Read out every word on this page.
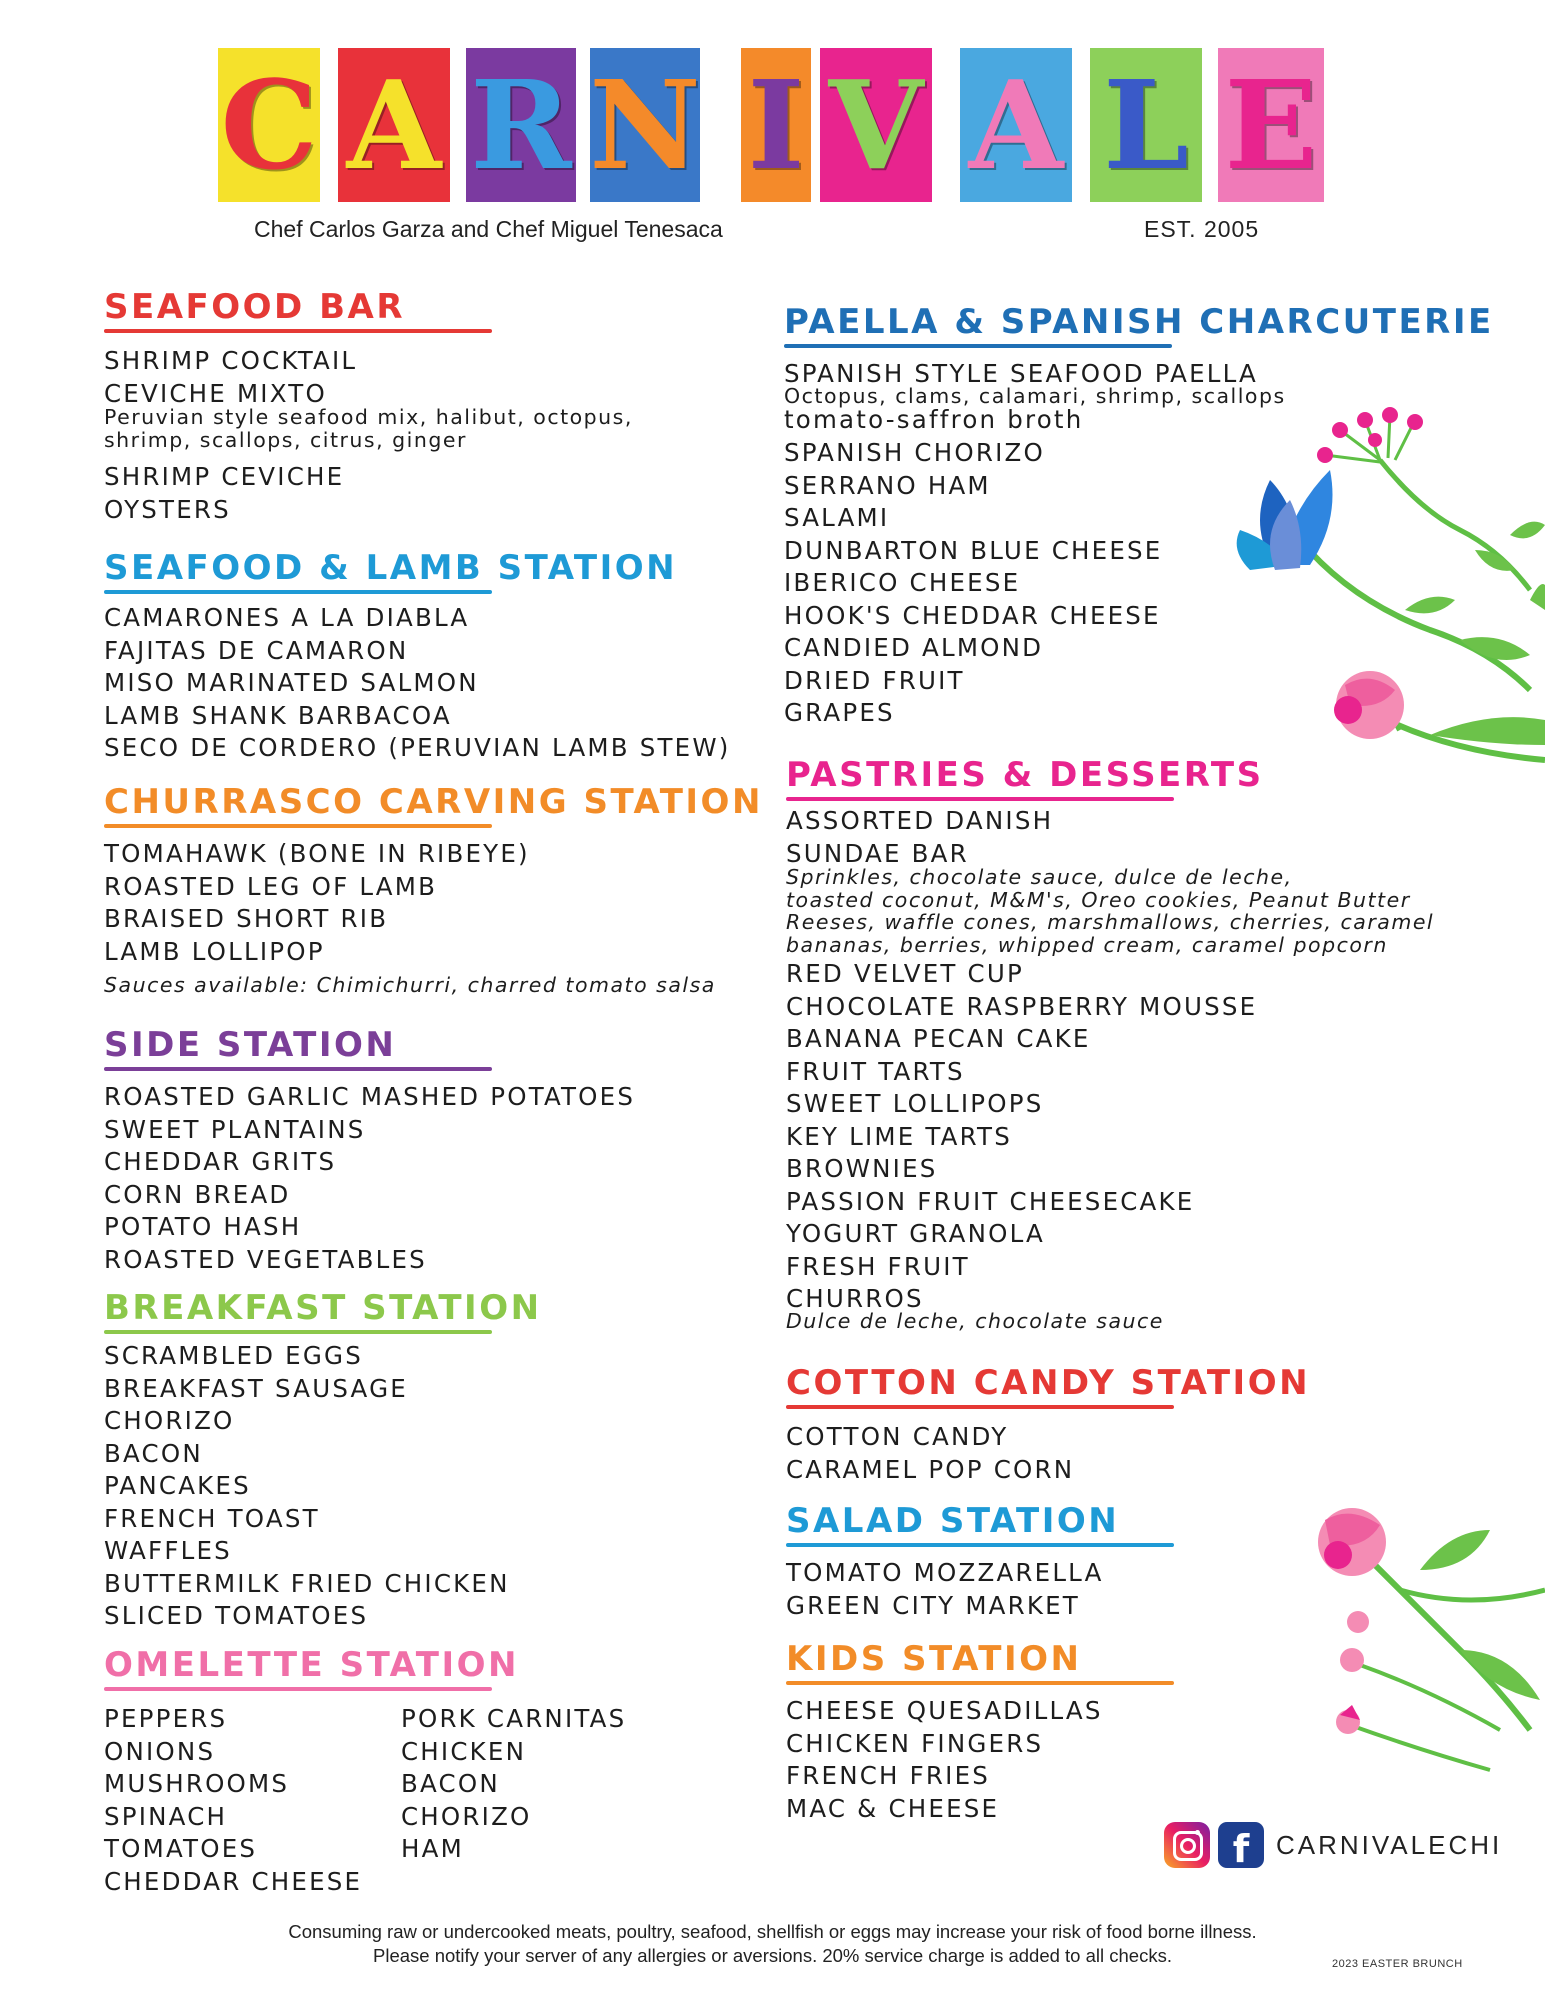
C A R N I V A L E
Chef Carlos Garza and Chef Miguel Tenesaca	EST. 2005
SEAFOOD BAR
SHRIMP COCKTAIL
CEVICHE MIXTO
Peruvian style seafood mix, halibut, octopus,
shrimp, scallops, citrus, ginger
SHRIMP CEVICHE
OYSTERS
SEAFOOD & LAMB STATION
CAMARONES A LA DIABLA
FAJITAS DE CAMARON
MISO MARINATED SALMON
LAMB SHANK BARBACOA
SECO DE CORDERO (PERUVIAN LAMB STEW)
CHURRASCO CARVING STATION
TOMAHAWK (BONE IN RIBEYE)
ROASTED LEG OF LAMB
BRAISED SHORT RIB
LAMB LOLLIPOP
Sauces available: Chimichurri, charred tomato salsa
SIDE STATION
ROASTED GARLIC MASHED POTATOES
SWEET PLANTAINS
CHEDDAR GRITS
CORN BREAD
POTATO HASH
ROASTED VEGETABLES
BREAKFAST STATION
SCRAMBLED EGGS
BREAKFAST SAUSAGE
CHORIZO
BACON
PANCAKES
FRENCH TOAST
WAFFLES
BUTTERMILK FRIED CHICKEN
SLICED TOMATOES
OMELETTE STATION
PEPPERS
ONIONS
MUSHROOMS
SPINACH
TOMATOES
CHEDDAR CHEESE
PORK CARNITAS
CHICKEN
BACON
CHORIZO
HAM
PAELLA & SPANISH CHARCUTERIE
SPANISH STYLE SEAFOOD PAELLA
Octopus, clams, calamari, shrimp, scallops
tomato-saffron broth
SPANISH CHORIZO
SERRANO HAM
SALAMI
DUNBARTON BLUE CHEESE
IBERICO CHEESE
HOOK'S CHEDDAR CHEESE
CANDIED ALMOND
DRIED FRUIT
GRAPES
PASTRIES & DESSERTS
ASSORTED DANISH
SUNDAE BAR
Sprinkles, chocolate sauce, dulce de leche,
toasted coconut, M&M's, Oreo cookies, Peanut Butter
Reeses, waffle cones, marshmallows, cherries, caramel
bananas, berries, whipped cream, caramel popcorn
RED VELVET CUP
CHOCOLATE RASPBERRY MOUSSE
BANANA PECAN CAKE
FRUIT TARTS
SWEET LOLLIPOPS
KEY LIME TARTS
BROWNIES
PASSION FRUIT CHEESECAKE
YOGURT GRANOLA
FRESH FRUIT
CHURROS
Dulce de leche, chocolate sauce
COTTON CANDY STATION
COTTON CANDY
CARAMEL POP CORN
SALAD STATION
TOMATO MOZZARELLA
GREEN CITY MARKET
KIDS STATION
CHEESE QUESADILLAS
CHICKEN FINGERS
FRENCH FRIES
MAC & CHEESE
f CARNIVALECHI
Consuming raw or undercooked meats, poultry, seafood, shellfish or eggs may increase your risk of food borne illness.
Please notify your server of any allergies or aversions. 20% service charge is added to all checks.	2023 EASTER BRUNCH
